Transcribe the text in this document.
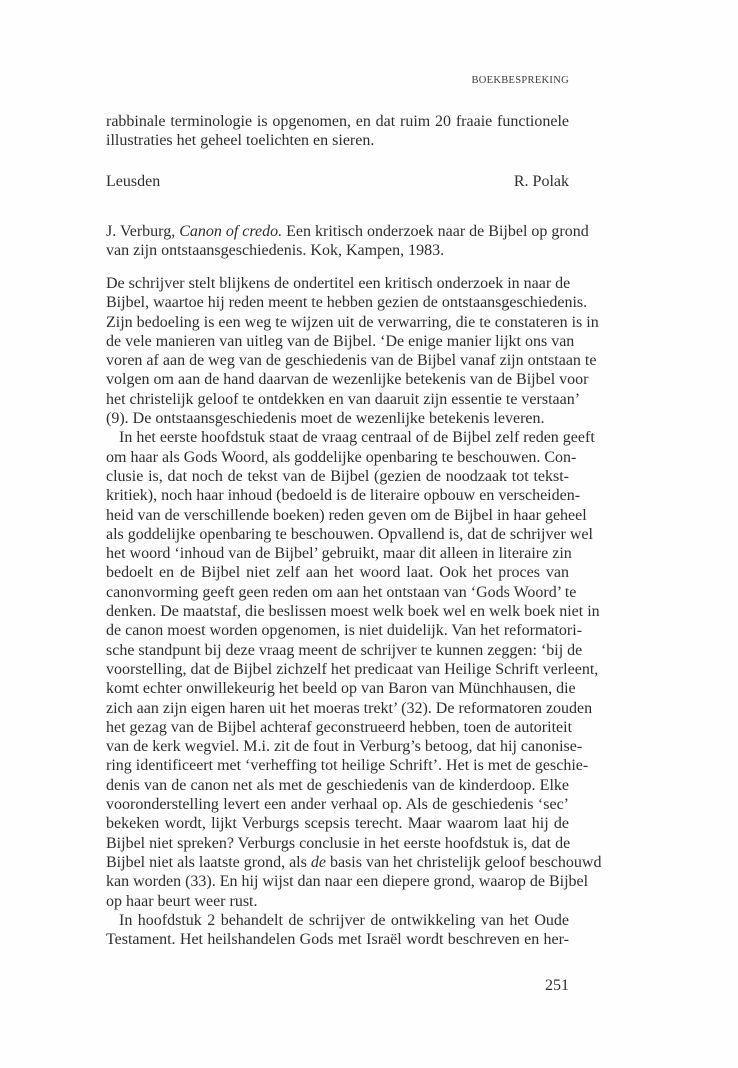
BOEKBESPREKING
rabbinale terminologie is opgenomen, en dat ruim 20 fraaie functionele
illustraties het geheel toelichten en sieren.
Leusden	R. Polak
J. Verburg, Canon of credo. Een kritisch onderzoek naar de Bijbel op grond
van zijn ontstaansgeschiedenis. Kok, Kampen, 1983.
De schrijver stelt blijkens de ondertitel een kritisch onderzoek in naar de
Bijbel, waartoe hij reden meent te hebben gezien de ontstaansgeschiedenis.
Zijn bedoeling is een weg te wijzen uit de verwarring, die te constateren is in
de vele manieren van uitleg van de Bijbel. ‘De enige manier lijkt ons van
voren af aan de weg van de geschiedenis van de Bijbel vanaf zijn ontstaan te
volgen om aan de hand daarvan de wezenlijke betekenis van de Bijbel voor
het christelijk geloof te ontdekken en van daaruit zijn essentie te verstaan’
(9). De ontstaansgeschiedenis moet de wezenlijke betekenis leveren.
In het eerste hoofdstuk staat de vraag centraal of de Bijbel zelf reden geeft
om haar als Gods Woord, als goddelijke openbaring te beschouwen. Con-
clusie is, dat noch de tekst van de Bijbel (gezien de noodzaak tot tekst-
kritiek), noch haar inhoud (bedoeld is de literaire opbouw en verscheiden-
heid van de verschillende boeken) reden geven om de Bijbel in haar geheel
als goddelijke openbaring te beschouwen. Opvallend is, dat de schrijver wel
het woord ‘inhoud van de Bijbel’ gebruikt, maar dit alleen in literaire zin
bedoelt en de Bijbel niet zelf aan het woord laat. Ook het proces van
canonvorming geeft geen reden om aan het ontstaan van ‘Gods Woord’ te
denken. De maatstaf, die beslissen moest welk boek wel en welk boek niet in
de canon moest worden opgenomen, is niet duidelijk. Van het reformatori-
sche standpunt bij deze vraag meent de schrijver te kunnen zeggen: ‘bij de
voorstelling, dat de Bijbel zichzelf het predicaat van Heilige Schrift verleent,
komt echter onwillekeurig het beeld op van Baron van Münchhausen, die
zich aan zijn eigen haren uit het moeras trekt’ (32). De reformatoren zouden
het gezag van de Bijbel achteraf geconstrueerd hebben, toen de autoriteit
van de kerk wegviel. M.i. zit de fout in Verburg’s betoog, dat hij canonise-
ring identificeert met ‘verheffing tot heilige Schrift’. Het is met de geschie-
denis van de canon net als met de geschiedenis van de kinderdoop. Elke
vooronderstelling levert een ander verhaal op. Als de geschiedenis ‘sec’
bekeken wordt, lijkt Verburgs scepsis terecht. Maar waarom laat hij de
Bijbel niet spreken? Verburgs conclusie in het eerste hoofdstuk is, dat de
Bijbel niet als laatste grond, als de basis van het christelijk geloof beschouwd
kan worden (33). En hij wijst dan naar een diepere grond, waarop de Bijbel
op haar beurt weer rust.
In hoofdstuk 2 behandelt de schrijver de ontwikkeling van het Oude
Testament. Het heilshandelen Gods met Israël wordt beschreven en her-
251
